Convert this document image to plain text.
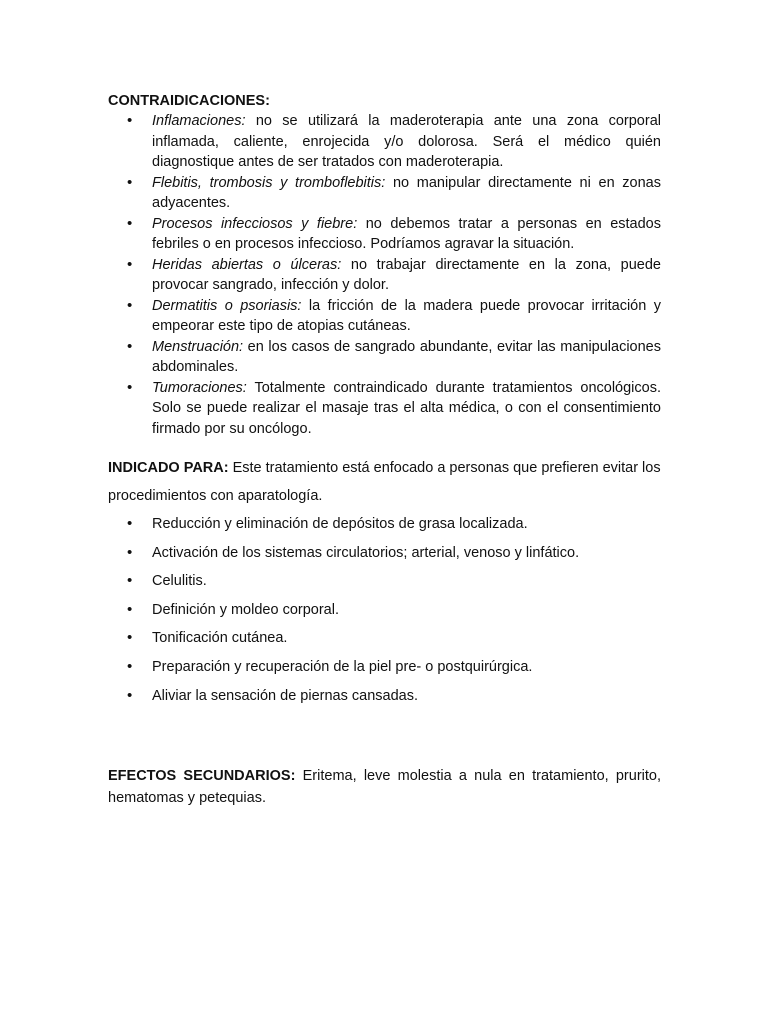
CONTRAIDICACIONES:
• Inflamaciones: no se utilizará la maderoterapia ante una zona corporal inflamada, caliente, enrojecida y/o dolorosa. Será el médico quién diagnostique antes de ser tratados con maderoterapia.
• Flebitis, trombosis y tromboflebitis: no manipular directamente ni en zonas adyacentes.
• Procesos infecciosos y fiebre: no debemos tratar a personas en estados febriles o en procesos infeccioso. Podríamos agravar la situación.
• Heridas abiertas o úlceras: no trabajar directamente en la zona, puede provocar sangrado, infección y dolor.
• Dermatitis o psoriasis: la fricción de la madera puede provocar irritación y empeorar este tipo de atopias cutáneas.
• Menstruación: en los casos de sangrado abundante, evitar las manipulaciones abdominales.
• Tumoraciones: Totalmente contraindicado durante tratamientos oncológicos. Solo se puede realizar el masaje tras el alta médica, o con el consentimiento firmado por su oncólogo.

INDICADO PARA: Este tratamiento está enfocado a personas que prefieren evitar los procedimientos con aparatología.

• Reducción y eliminación de depósitos de grasa localizada.
• Activación de los sistemas circulatorios; arterial, venoso y linfático.
• Celulitis.
• Definición y moldeo corporal.
• Tonificación cutánea.
• Preparación y recuperación de la piel pre- o postquirúrgica.
• Aliviar la sensación de piernas cansadas.

EFECTOS SECUNDARIOS: Eritema, leve molestia a nula en tratamiento, prurito, hematomas y petequias.
